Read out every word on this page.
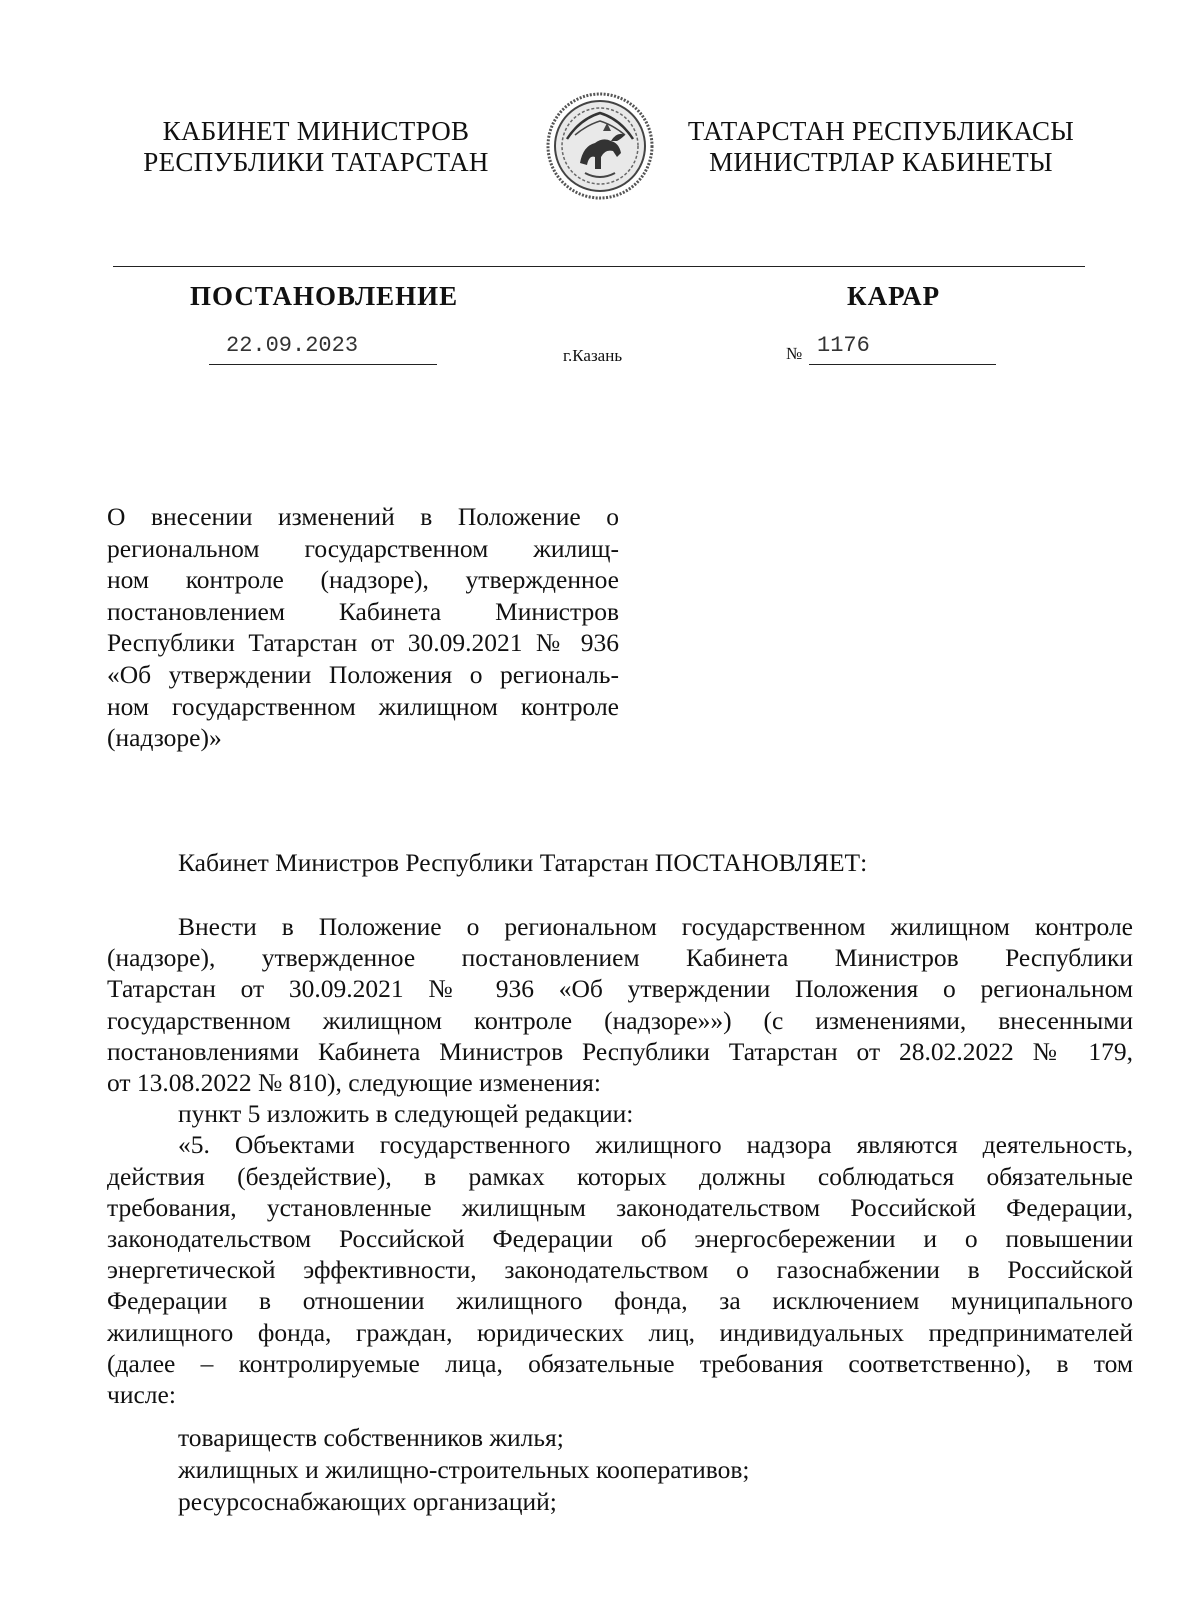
КАБИНЕТ МИНИСТРОВ
РЕСПУБЛИКИ ТАТАРСТАН
ТАТАРСТАН РЕСПУБЛИКАСЫ
МИНИСТРЛАР КАБИНЕТЫ
ПОСТАНОВЛЕНИЕ	КАРАР
22.09.2023	г.Казань	№ 1176
О внесении изменений в Положение о
региональном государственном жилищ-
ном контроле (надзоре), утвержденное
постановлением Кабинета Министров
Республики Татарстан от 30.09.2021 № 936
«Об утверждении Положения о региональ-
ном государственном жилищном контроле
(надзоре)»
Кабинет Министров Республики Татарстан ПОСТАНОВЛЯЕТ:
Внести в Положение о региональном государственном жилищном контроле
(надзоре), утвержденное постановлением Кабинета Министров Республики
Татарстан от 30.09.2021 № 936 «Об утверждении Положения о региональном
государственном жилищном контроле (надзоре»») (с изменениями, внесенными
постановлениями Кабинета Министров Республики Татарстан от 28.02.2022 № 179,
от 13.08.2022 № 810), следующие изменения:
пункт 5 изложить в следующей редакции:
«5. Объектами государственного жилищного надзора являются деятельность,
действия (бездействие), в рамках которых должны соблюдаться обязательные
требования, установленные жилищным законодательством Российской Федерации,
законодательством Российской Федерации об энергосбережении и о повышении
энергетической эффективности, законодательством о газоснабжении в Российской
Федерации в отношении жилищного фонда, за исключением муниципального
жилищного фонда, граждан, юридических лиц, индивидуальных предпринимателей
(далее – контролируемые лица, обязательные требования соответственно), в том
числе:
товариществ собственников жилья;
жилищных и жилищно-строительных кооперативов;
ресурсоснабжающих организаций;
